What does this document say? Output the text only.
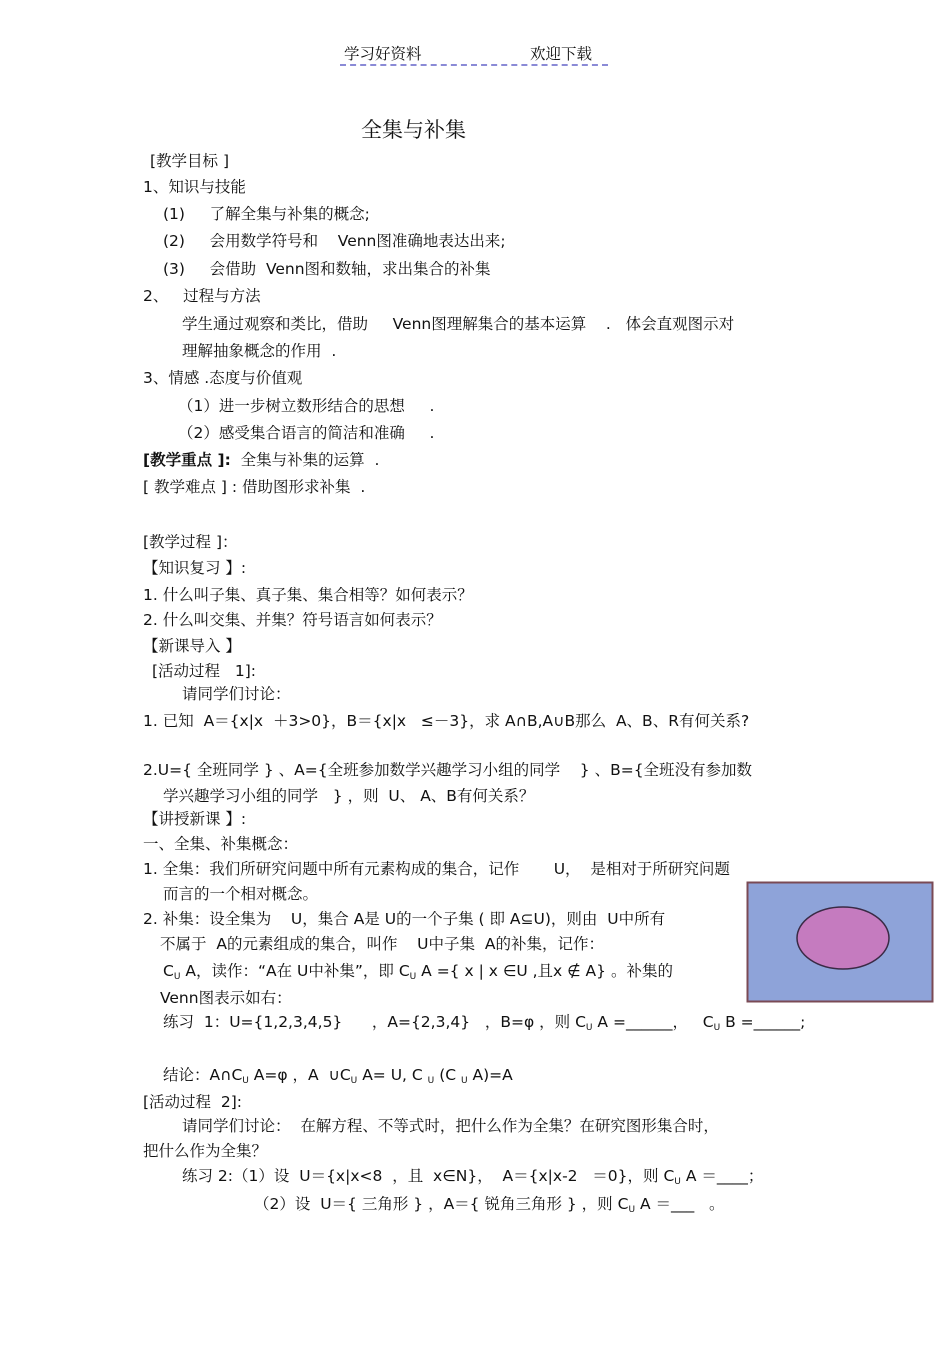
学习好资料	欢迎下载
全集与补集
[教学目标 ]
1、知识与技能
(1)     了解全集与补集的概念;
(2)     会用数学符号和    Venn图准确地表达出来;
(3)     会借助  Venn图和数轴，求出集合的补集
2、   过程与方法
学生通过观察和类比，借助     Venn图理解集合的基本运算    .   体会直观图示对
理解抽象概念的作用  .
3、情感 .态度与价值观
（1）进一步树立数形结合的思想     .
（2）感受集合语言的简洁和准确     .
[教学重点 ]:  全集与补集的运算  .
[ 教学难点 ] : 借助图形求补集  .
[教学过程 ]：
【知识复习 】:
1. 什么叫子集、真子集、集合相等？如何表示？
2. 什么叫交集、并集？符号语言如何表示？
【新课导入 】
[活动过程   1]:
请同学们讨论：
1. 已知  A＝{x|x  ＋3>0}，B＝{x|x   ≤－3}，求 A∩B,A∪B那么  A、B、R有何关系?
2.U={ 全班同学 } 、A={全班参加数学兴趣学习小组的同学    } 、B={全班没有参加数
学兴趣学习小组的同学   } ，则  U、 A、B有何关系？
【讲授新课 】:
一、全集、补集概念：
1. 全集：我们所研究问题中所有元素构成的集合，记作       U，  是相对于所研究问题
而言的一个相对概念。
2. 补集：设全集为    U，集合 A是 U的一个子集 ( 即 A⊆U)，则由  U中所有
不属于  A的元素组成的集合，叫作    U中子集  A的补集，记作：
$C_U$ A，读作：“A在 U中补集”，即 $C_U$ A ={ x | x ∈U ,且x ∉ A} 。补集的
Venn图表示如右：
练习  1：U={1,2,3,4,5}      ，A={2,3,4}   ，B=φ ，则 $C_U$ A =______，   $C_U$ B =______;
结论：$A\cap C_U$ A=φ ，A  $\cup C_U$ A= U, C $_U$ (C $_U$ A)=A
[活动过程  2]:
请同学们讨论：  在解方程、不等式时，把什么作为全集？在研究图形集合时，
把什么作为全集？
练习 2:（1）设  U＝{x|x<8  ，且  x∈N}，  A＝{x|x-2   ＝0}，则 $C_U$ A ＝____；
（2）设  U＝{ 三角形 } ，A＝{ 锐角三角形 } ，则 $C_U$ A ＝___   。
